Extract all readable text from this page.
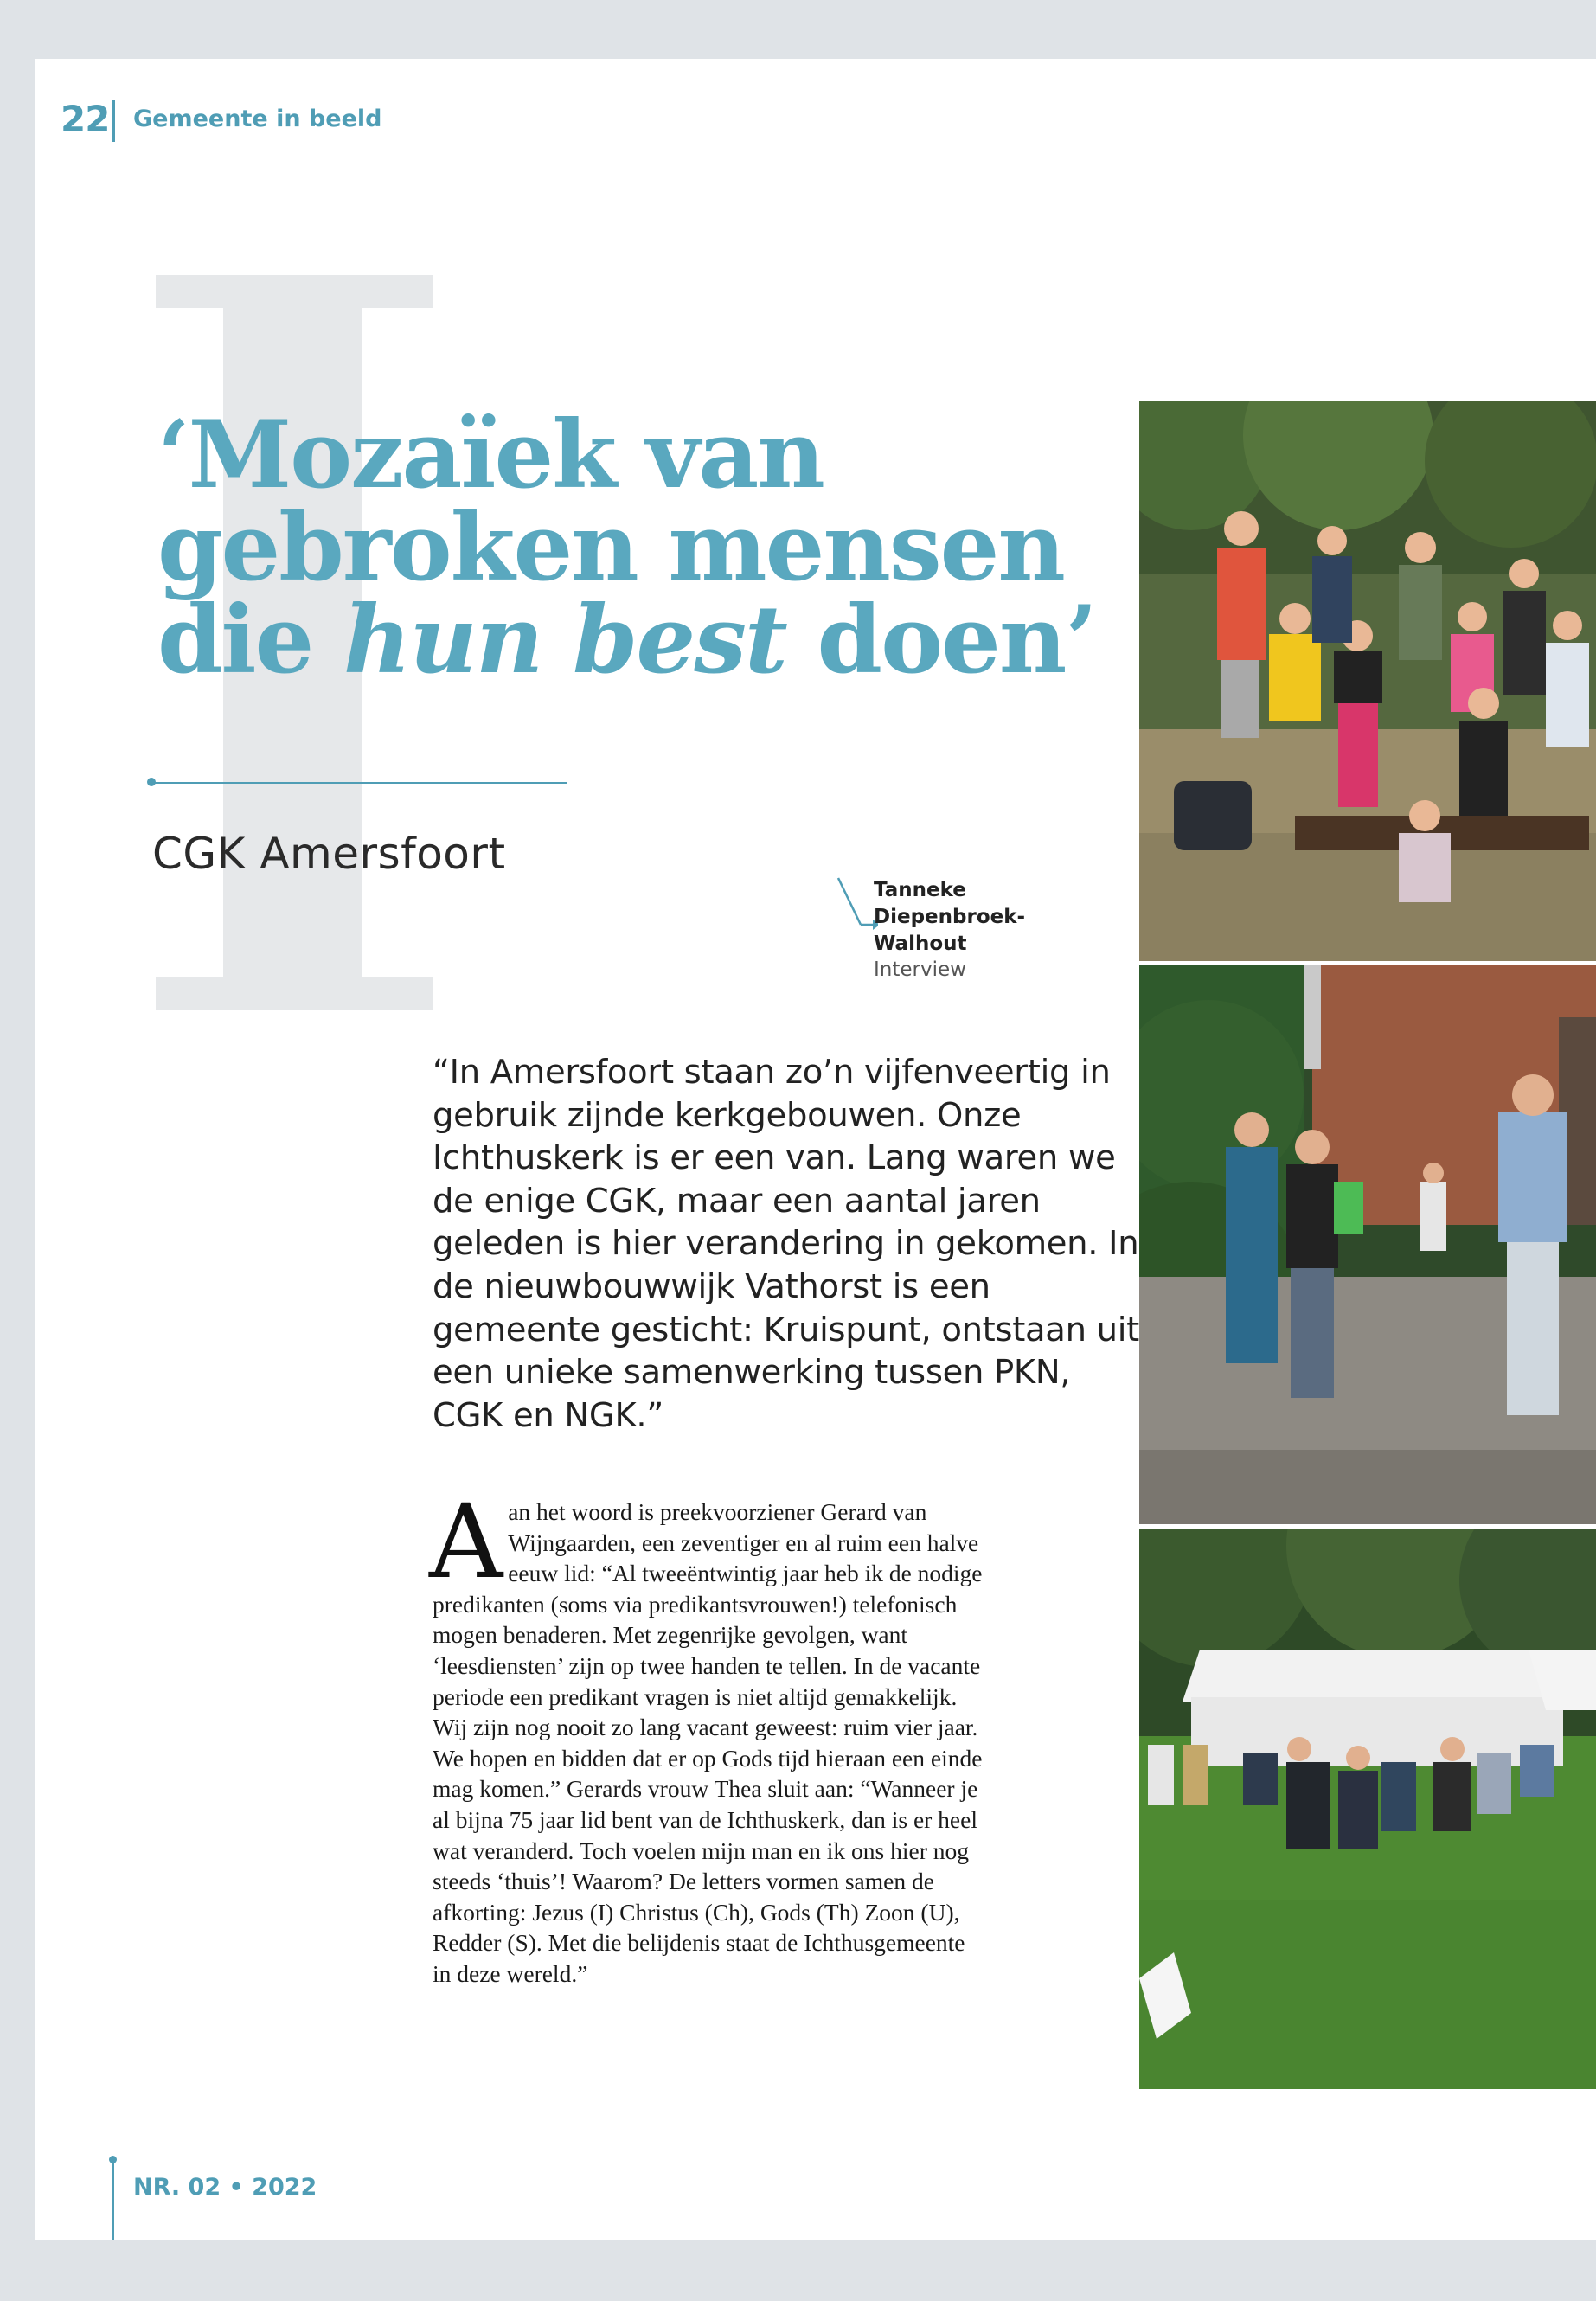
22 Gemeente in beeld
‘Mozaïek van
gebroken mensen
die hun best doen’
CGK Amersfoort
Tanneke
Diepenbroek-
Walhout
Interview

“In Amersfoort staan zo’n vijfenveertig in gebruik zijnde kerkgebouwen. Onze Ichthuskerk is er een van. Lang waren we de enige CGK, maar een aantal jaren geleden is hier verandering in gekomen. In de nieuwbouwwijk Vathorst is een gemeente gesticht: Kruispunt, ontstaan uit een unieke samenwerking tussen PKN, CGK en NGK.”

A an het woord is preekvoorziener Gerard van Wijngaarden, een zeventiger en al ruim een halve eeuw lid: “Al tweeëntwintig jaar heb ik de nodige predikanten (soms via predikantsvrouwen!) telefonisch mogen benaderen. Met zegenrijke gevolgen, want ‘leesdiensten’ zijn op twee handen te tellen. In de vacante periode een predikant vragen is niet altijd gemakkelijk. Wij zijn nog nooit zo lang vacant geweest: ruim vier jaar. We hopen en bidden dat er op Gods tijd hieraan een einde mag komen.” Gerards vrouw Thea sluit aan: “Wanneer je al bijna 75 jaar lid bent van de Ichthuskerk, dan is er heel wat veranderd. Toch voelen mijn man en ik ons hier nog steeds ‘thuis’! Waarom? De letters vormen samen de afkorting: Jezus (I) Christus (Ch), Gods (Th) Zoon (U), Redder (S). Met die belijdenis staat de Ichthusgemeente in deze wereld.”

NR. 02 • 2022
